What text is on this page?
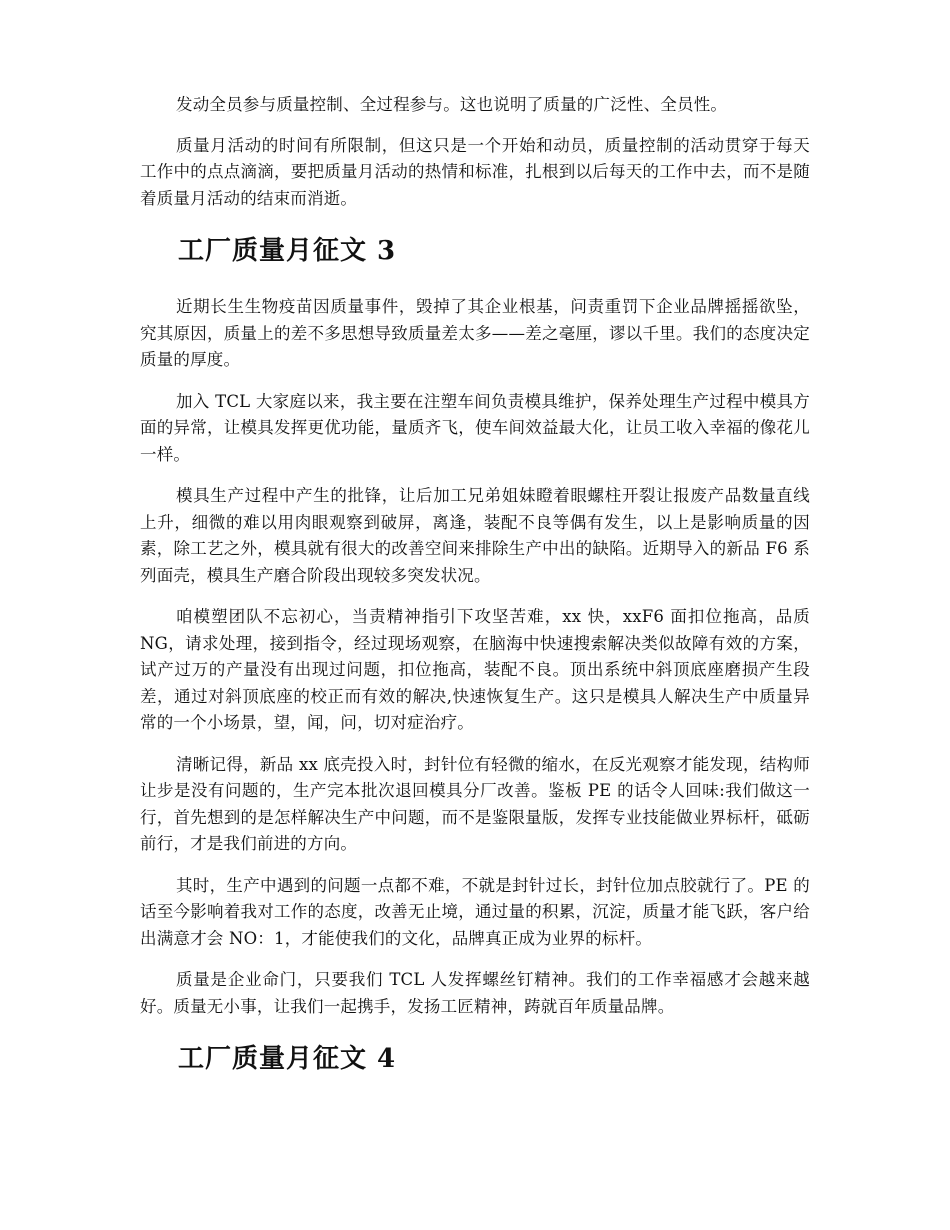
发动全员参与质量控制、全过程参与。这也说明了质量的广泛性、全员性。

质量月活动的时间有所限制，但这只是一个开始和动员，质量控制的活动贯穿于每天工作中的点点滴滴，要把质量月活动的热情和标准，扎根到以后每天的工作中去，而不是随着质量月活动的结束而消逝。

工厂质量月征文 3

近期长生生物疫苗因质量事件，毁掉了其企业根基，问责重罚下企业品牌摇摇欲坠，究其原因，质量上的差不多思想导致质量差太多——差之毫厘，谬以千里。我们的态度决定质量的厚度。

加入 TCL 大家庭以来，我主要在注塑车间负责模具维护，保养处理生产过程中模具方面的异常，让模具发挥更优功能，量质齐飞，使车间效益最大化，让员工收入幸福的像花儿一样。

模具生产过程中产生的批锋，让后加工兄弟姐妹瞪着眼螺柱开裂让报废产品数量直线上升，细微的难以用肉眼观察到破屏，离逢，装配不良等偶有发生，以上是影响质量的因素，除工艺之外，模具就有很大的改善空间来排除生产中出的缺陷。近期导入的新品 F6 系列面壳，模具生产磨合阶段出现较多突发状况。

咱模塑团队不忘初心，当责精神指引下攻坚苦难，xx 快，xxF6 面扣位拖高，品质 NG，请求处理，接到指令，经过现场观察，在脑海中快速搜索解决类似故障有效的方案，试产过万的产量没有出现过问题，扣位拖高，装配不良。顶出系统中斜顶底座磨损产生段差，通过对斜顶底座的校正而有效的解决,快速恢复生产。这只是模具人解决生产中质量异常的一个小场景，望，闻，问，切对症治疗。

清晰记得，新品 xx 底壳投入时，封针位有轻微的缩水，在反光观察才能发现，结构师让步是没有问题的，生产完本批次退回模具分厂改善。鉴板 PE 的话令人回味:我们做这一行，首先想到的是怎样解决生产中问题，而不是鉴限量版，发挥专业技能做业界标杆，砥砺前行，才是我们前进的方向。

其时，生产中遇到的问题一点都不难，不就是封针过长，封针位加点胶就行了。PE 的话至今影响着我对工作的态度，改善无止境，通过量的积累，沉淀，质量才能飞跃，客户给出满意才会 NO：1，才能使我们的文化，品牌真正成为业界的标杆。

质量是企业命门，只要我们 TCL 人发挥螺丝钉精神。我们的工作幸福感才会越来越好。质量无小事，让我们一起携手，发扬工匠精神，踌就百年质量品牌。

工厂质量月征文 4
